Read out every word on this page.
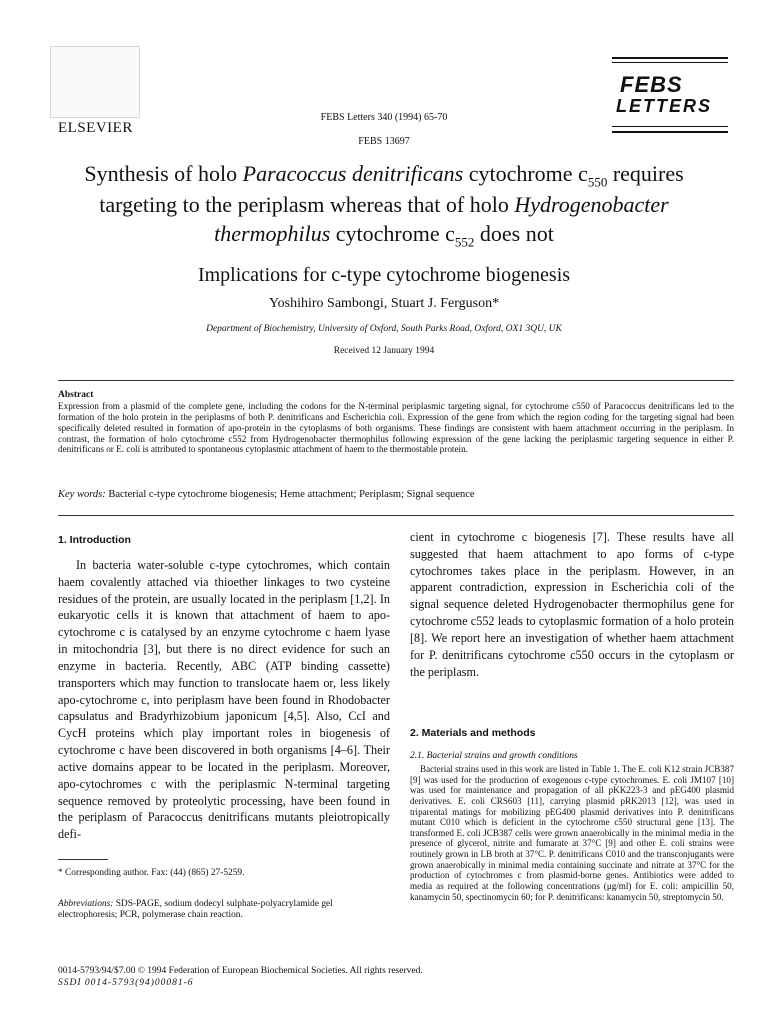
ELSEVIER
FEBS Letters 340 (1994) 65-70
FEBS 13697
FEBS
LETTERS
Synthesis of holo Paracoccus denitrificans cytochrome $c_{550}$ requires targeting to the periplasm whereas that of holo Hydrogenobacter thermophilus cytochrome $c_{552}$ does not
Implications for c-type cytochrome biogenesis
Yoshihiro Sambongi, Stuart J. Ferguson*
Department of Biochemistry, University of Oxford, South Parks Road, Oxford, OX1 3QU, UK
Received 12 January 1994
Abstract
Expression from a plasmid of the complete gene, including the codons for the N-terminal periplasmic targeting signal, for cytochrome c550 of Paracoccus denitrificans led to the formation of the holo protein in the periplasms of both P. denitrificans and Escherichia coli. Expression of the gene from which the region coding for the targeting signal had been specifically deleted resulted in formation of apo-protein in the cytoplasms of both organisms. These findings are consistent with haem attachment occurring in the periplasm. In contrast, the formation of holo cytochrome c552 from Hydrogenobacter thermophilus following expression of the gene lacking the periplasmic targeting sequence in either P. denitrificans or E. coli is attributed to spontaneous cytoplasmic attachment of haem to the thermostable protein.
Key words: Bacterial c-type cytochrome biogenesis; Heme attachment; Periplasm; Signal sequence
1. Introduction
In bacteria water-soluble c-type cytochromes, which contain haem covalently attached via thioether linkages to two cysteine residues of the protein, are usually located in the periplasm [1,2]. In eukaryotic cells it is known that attachment of haem to apo-cytochrome c is catalysed by an enzyme cytochrome c haem lyase in mitochondria [3], but there is no direct evidence for such an enzyme in bacteria. Recently, ABC (ATP binding cassette) transporters which may function to translocate haem or, less likely apo-cytochrome c, into periplasm have been found in Rhodobacter capsulatus and Bradyrhizobium japonicum [4,5]. Also, CcI and CycH proteins which play important roles in biogenesis of cytochrome c have been discovered in both organisms [4–6]. Their active domains appear to be located in the periplasm. Moreover, apo-cytochromes c with the periplasmic N-terminal targeting sequence removed by proteolytic processing, have been found in the periplasm of Paracoccus denitrificans mutants pleiotropically defi-
* Corresponding author. Fax: (44) (865) 27-5259.
Abbreviations: SDS-PAGE, sodium dodecyl sulphate-polyacrylamide gel electrophoresis; PCR, polymerase chain reaction.
cient in cytochrome c biogenesis [7]. These results have all suggested that haem attachment to apo forms of c-type cytochromes takes place in the periplasm. However, in an apparent contradiction, expression in Escherichia coli of the signal sequence deleted Hydrogenobacter thermophilus gene for cytochrome c552 leads to cytoplasmic formation of a holo protein [8]. We report here an investigation of whether haem attachment for P. denitrificans cytochrome c550 occurs in the cytoplasm or the periplasm.
2. Materials and methods
2.1. Bacterial strains and growth conditions
Bacterial strains used in this work are listed in Table 1. The E. coli K12 strain JCB387 [9] was used for the production of exogenous c-type cytochromes. E. coli JM107 [10] was used for maintenance and propagation of all pKK223-3 and pEG400 plasmid derivatives. E. coli CRS603 [11], carrying plasmid pRK2013 [12], was used in triparental matings for mobilizing pEG400 plasmid derivatives into P. denitrificans mutant C010 which is deficient in the cytochrome c550 structural gene [13]. The transformed E. coli JCB387 cells were grown anaerobically in the minimal media in the presence of glycerol, nitrite and fumarate at 37°C [9] and other E. coli strains were routinely grown in LB broth at 37°C. P. denitrificans C010 and the transconjugants were grown anaerobically in minimal media containing succinate and nitrate at 37°C for the production of cytochromes c from plasmid-borne genes. Antibiotics were added to media as required at the following concentrations (μg/ml) for E. coli: ampicillin 50, kanamycin 50, spectinomycin 60; for P. denitrificans: kanamycin 50, streptomycin 50.
0014-5793/94/$7.00 © 1994 Federation of European Biochemical Societies. All rights reserved.
SSDI 0014-5793(94)00081-6
